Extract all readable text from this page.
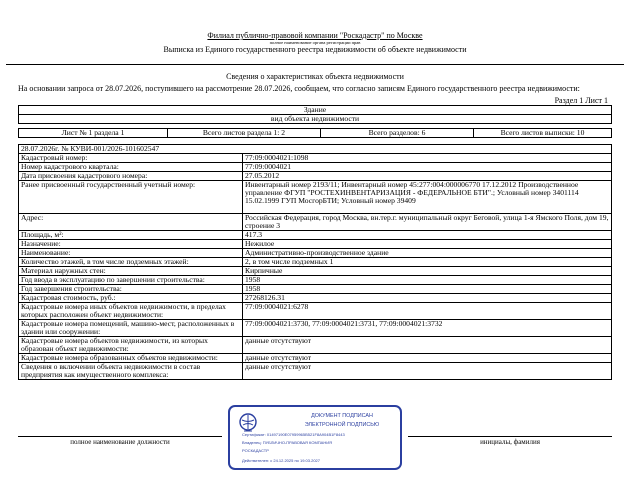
Филиал публично-правовой компании "Роскадастр" по Москве
полное наименование органа регистрации прав
Выписка из Единого государственного реестра недвижимости об объекте недвижимости
Сведения о характеристиках объекта недвижимости
На основании запроса от 28.07.2026, поступившего на рассмотрение 28.07.2026, сообщаем, что согласно записям Единого государственного реестра недвижимости:
Раздел 1 Лист 1
Здание
вид объекта недвижимости
Лист № 1 раздела 1	Всего листов раздела 1: 2	Всего разделов: 6	Всего листов выписки: 10
28.07.2026г. № КУВИ-001/2026-101602547	
Кадастровый номер:	77:09:0004021:1098
Номер кадастрового квартала:	77:09:0004021
Дата присвоения кадастрового номера:	27.05.2012
Ранее присвоенный государственный учетный номер:	Инвентарный номер 2193/11; Инвентарный номер 45:277:004:000006770 17.12.2012 Производственное управление ФГУП "РОСТЕХИНВЕНТАРИЗАЦИЯ - ФЕДЕРАЛЬНОЕ БТИ".; Условный номер 3401114 15.02.1999 ГУП МосгорБТИ; Условный номер 39409
Адрес:	Российская Федерация, город Москва, вн.тер.г. муниципальный округ Беговой, улица 1-я Ямского Поля, дом 19, строение 3
Площадь, м²:	417.3
Назначение:	Нежилое
Наименование:	Административно-производственное здание
Количество этажей, в том числе подземных этажей:	2, в том числе подземных 1
Материал наружных стен:	Кирпичные
Год ввода в эксплуатацию по завершении строительства:	1958
Год завершения строительства:	1958
Кадастровая стоимость, руб.:	27268126.31
Кадастровые номера иных объектов недвижимости, в пределах которых расположен объект недвижимости:	77:09:0004021:6278
Кадастровые номера помещений, машино-мест, расположенных в здании или сооружении:	77:09:0004021:3730, 77:09:0004021:3731, 77:09:0004021:3732
Кадастровые номера объектов недвижимости, из которых образован объект недвижимости:	данные отсутствуют
Кадастровые номера образованных объектов недвижимости:	данные отсутствуют
Сведения о включении объекта недвижимости в состав предприятия как имущественного комплекса:	данные отсутствуют
полное наименование должности	инициалы, фамилия
ДОКУМЕНТ ПОДПИСАН
ЭЛЕКТРОННОЙ ПОДПИСЬЮ
Сертификат: 01497190E07959965B521F8A904B1F8443
Владелец: ПУБЛИЧНО-ПРАВОВАЯ КОМПАНИЯ
РОСКАДАСТР
Действителен: с 24.12.2025 по 19.03.2027
